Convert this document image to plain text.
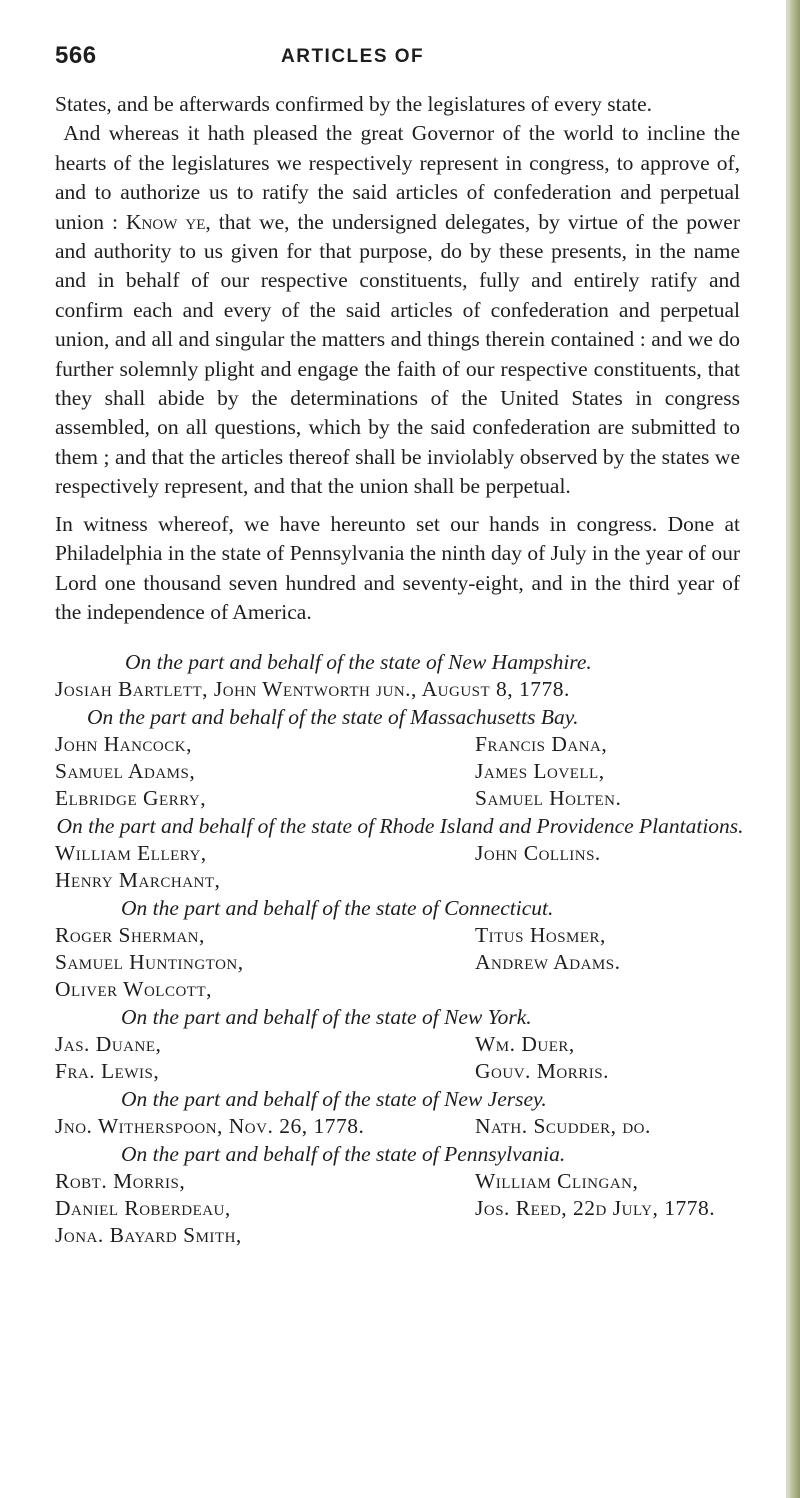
566	ARTICLES OF

States, and be afterwards confirmed by the legislatures of every state.

And whereas it hath pleased the great Governor of the world to incline the hearts of the legislatures we respectively represent in congress, to approve of, and to authorize us to ratify the said articles of confederation and perpetual union : Know ye, that we, the undersigned delegates, by virtue of the power and authority to us given for that purpose, do by these presents, in the name and in behalf of our respective constituents, fully and entirely ratify and confirm each and every of the said articles of confederation and perpetual union, and all and singular the matters and things therein contained : and we do further solemnly plight and engage the faith of our respective constituents, that they shall abide by the determinations of the United States in congress assembled, on all questions, which by the said confederation are submitted to them ; and that the articles thereof shall be inviolably observed by the states we respectively represent, and that the union shall be perpetual.

In witness whereof, we have hereunto set our hands in congress. Done at Philadelphia in the state of Pennsylvania the ninth day of July in the year of our Lord one thousand seven hundred and seventy-eight, and in the third year of the independence of America.

On the part and behalf of the state of New Hampshire.
Josiah Bartlett, John Wentworth jun., August 8, 1778.
On the part and behalf of the state of Massachusetts Bay.
John Hancock,	Francis Dana,
Samuel Adams,	James Lovell,
Elbridge Gerry,	Samuel Holten.
On the part and behalf of the state of Rhode Island and Providence Plantations.
William Ellery,	John Collins.
Henry Marchant,
On the part and behalf of the state of Connecticut.
Roger Sherman,	Titus Hosmer,
Samuel Huntington,	Andrew Adams.
Oliver Wolcott,
On the part and behalf of the state of New York.
Jas. Duane,	Wm. Duer,
Fra. Lewis,	Gouv. Morris.
On the part and behalf of the state of New Jersey.
Jno. Witherspoon, Nov. 26, 1778.	Nath. Scudder, do.
On the part and behalf of the state of Pennsylvania.
Robt. Morris,	William Clingan,
Daniel Roberdeau,	Jos. Reed, 22d July, 1778.
Jona. Bayard Smith,
